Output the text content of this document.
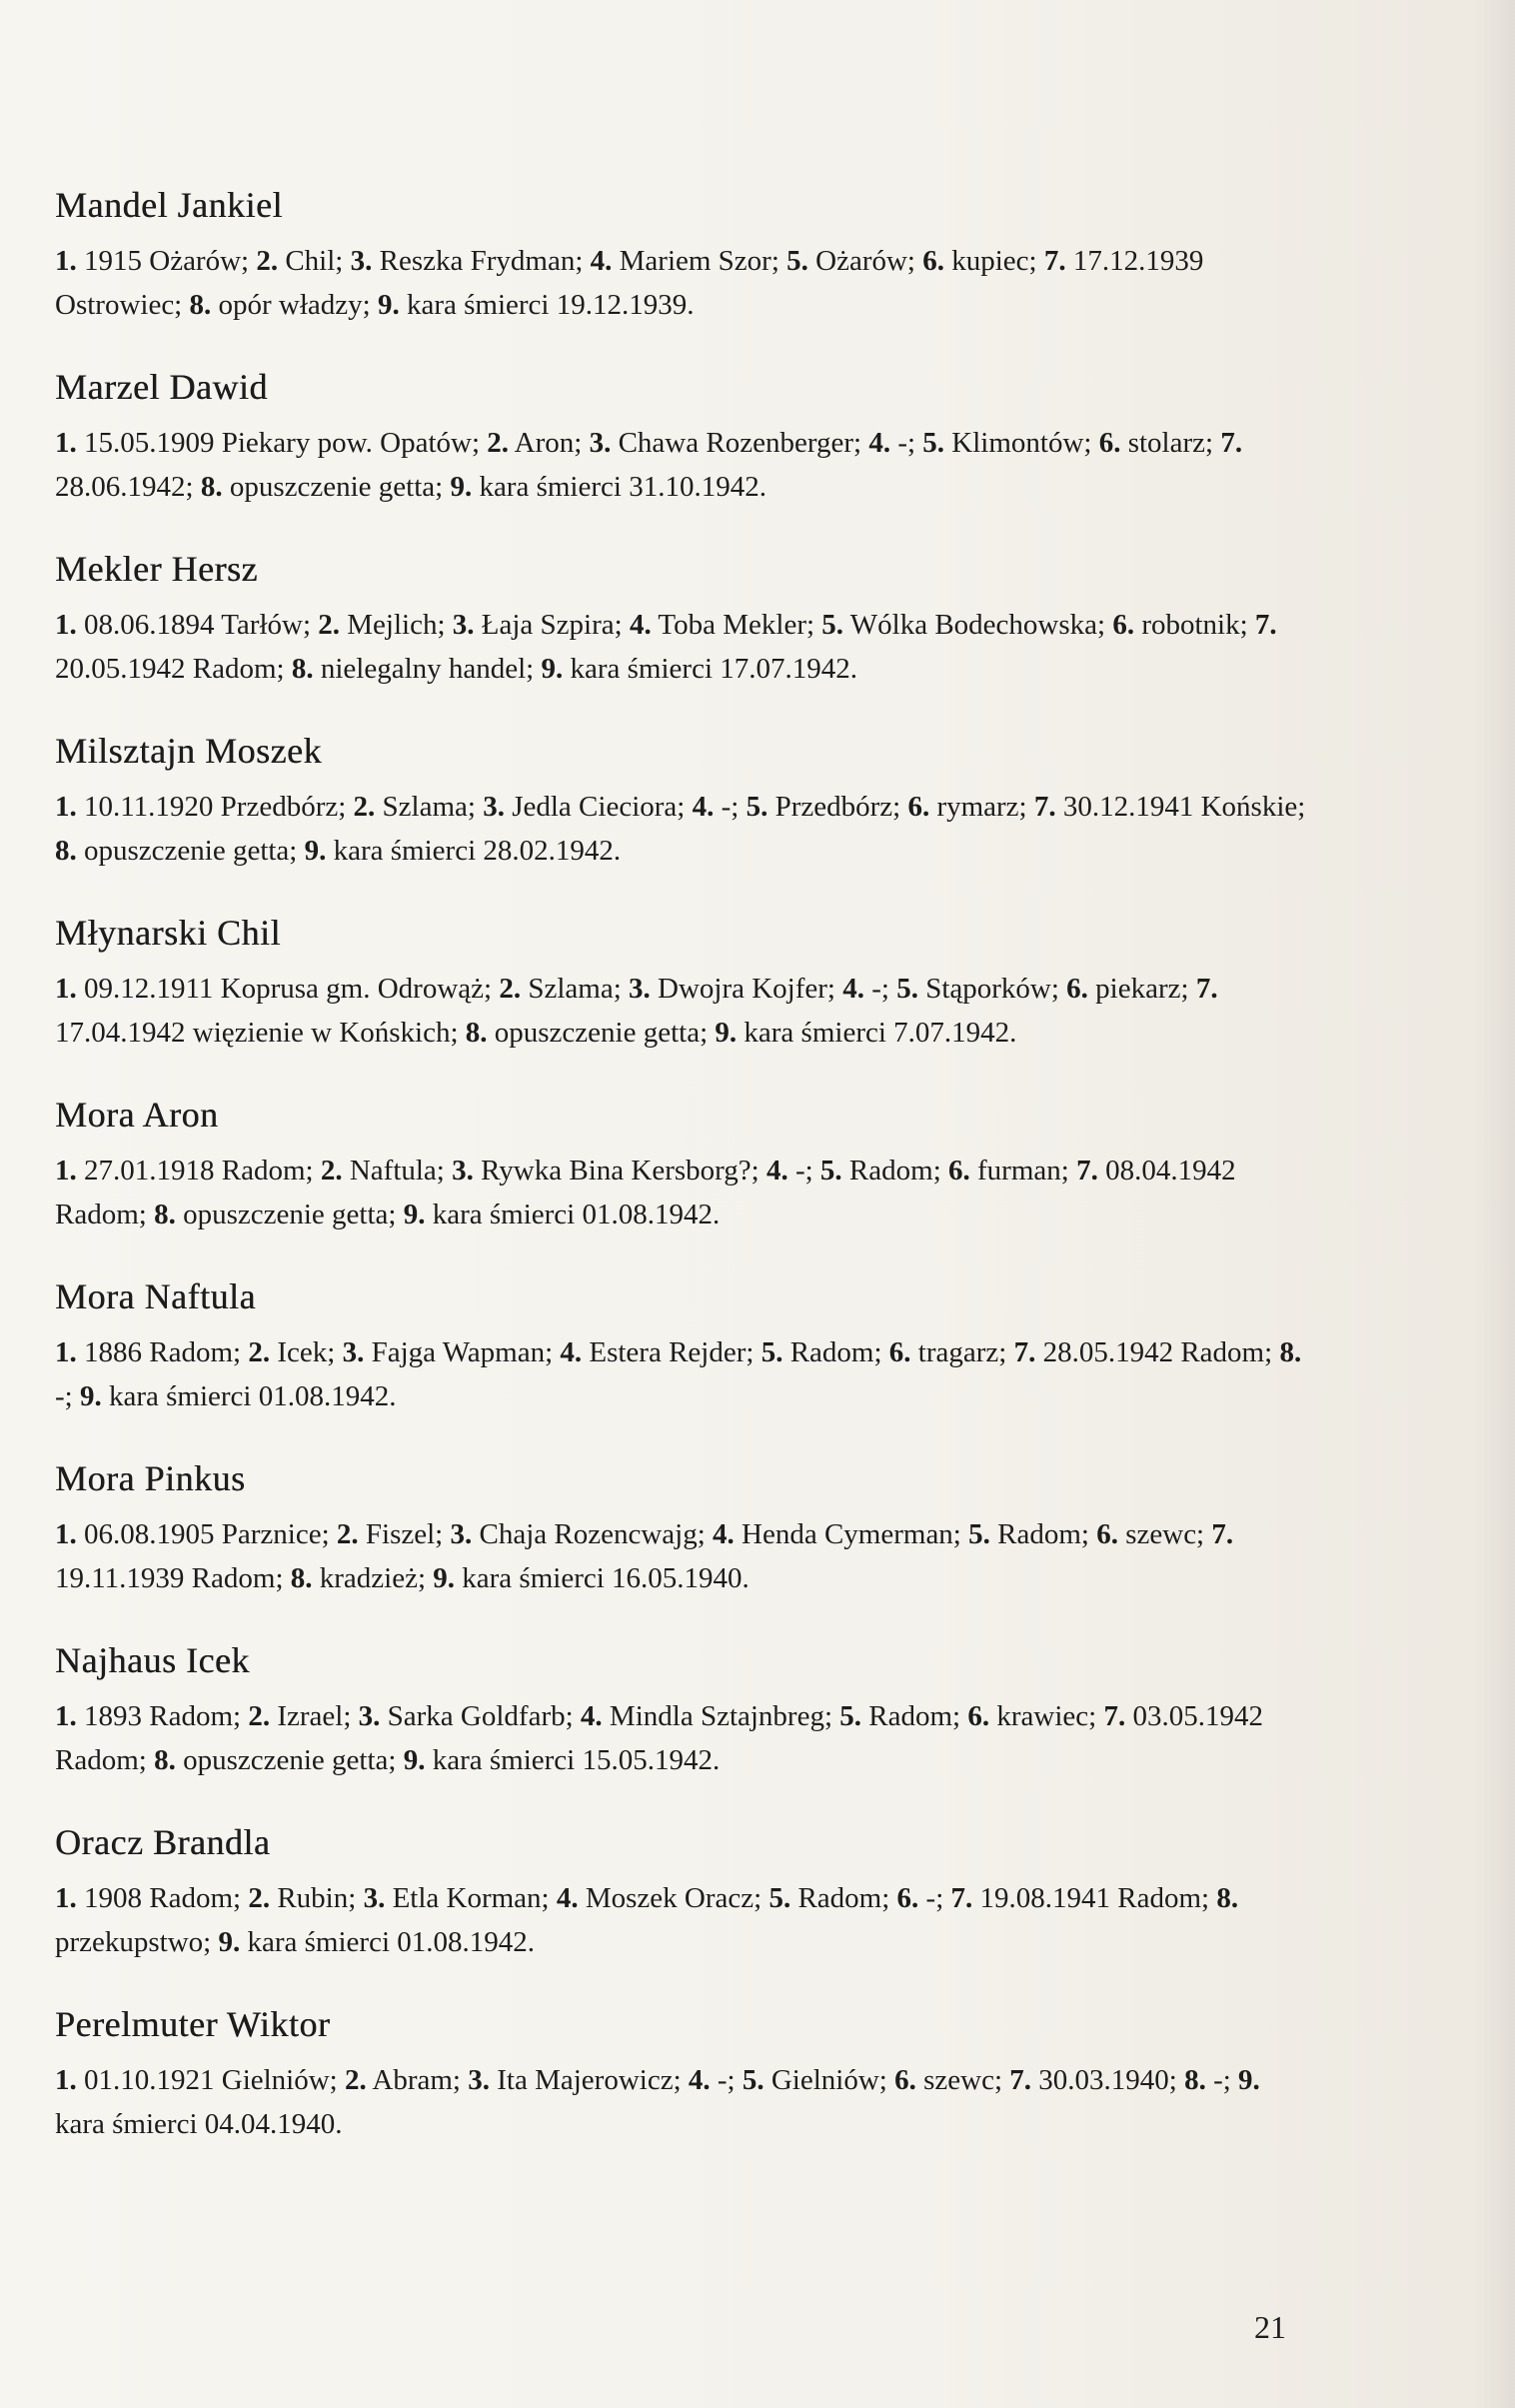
Mandel Jankiel

1. 1915 Ożarów; 2. Chil; 3. Reszka Frydman; 4. Mariem Szor; 5. Ożarów; 6. kupiec; 7. 17.12.1939 Ostrowiec; 8. opór władzy; 9. kara śmierci 19.12.1939.

Marzel Dawid

1. 15.05.1909 Piekary pow. Opatów; 2. Aron; 3. Chawa Rozenberger; 4. -; 5. Klimontów; 6. stolarz; 7. 28.06.1942; 8. opuszczenie getta; 9. kara śmierci 31.10.1942.

Mekler Hersz

1. 08.06.1894 Tarłów; 2. Mejlich; 3. Łaja Szpira; 4. Toba Mekler; 5. Wólka Bodechowska; 6. robotnik; 7. 20.05.1942 Radom; 8. nielegalny handel; 9. kara śmierci 17.07.1942.

Milsztajn Moszek

1. 10.11.1920 Przedbórz; 2. Szlama; 3. Jedla Cieciora; 4. -; 5. Przedbórz; 6. rymarz; 7. 30.12.1941 Końskie; 8. opuszczenie getta; 9. kara śmierci 28.02.1942.

Młynarski Chil

1. 09.12.1911 Koprusa gm. Odrowąż; 2. Szlama; 3. Dwojra Kojfer; 4. -; 5. Stąporków; 6. piekarz; 7. 17.04.1942 więzienie w Końskich; 8. opuszczenie getta; 9. kara śmierci 7.07.1942.

Mora Aron

1. 27.01.1918 Radom; 2. Naftula; 3. Rywka Bina Kersborg?; 4. -; 5. Radom; 6. furman; 7. 08.04.1942 Radom; 8. opuszczenie getta; 9. kara śmierci 01.08.1942.

Mora Naftula

1. 1886 Radom; 2. Icek; 3. Fajga Wapman; 4. Estera Rejder; 5. Radom; 6. tragarz; 7. 28.05.1942 Radom; 8. -; 9. kara śmierci 01.08.1942.

Mora Pinkus

1. 06.08.1905 Parznice; 2. Fiszel; 3. Chaja Rozencwajg; 4. Henda Cymerman; 5. Radom; 6. szewc; 7. 19.11.1939 Radom; 8. kradzież; 9. kara śmierci 16.05.1940.

Najhaus Icek

1. 1893 Radom; 2. Izrael; 3. Sarka Goldfarb; 4. Mindla Sztajnbreg; 5. Radom; 6. krawiec; 7. 03.05.1942 Radom; 8. opuszczenie getta; 9. kara śmierci 15.05.1942.

Oracz Brandla

1. 1908 Radom; 2. Rubin; 3. Etla Korman; 4. Moszek Oracz; 5. Radom; 6. -; 7. 19.08.1941 Radom; 8. przekupstwo; 9. kara śmierci 01.08.1942.

Perelmuter Wiktor

1. 01.10.1921 Gielniów; 2. Abram; 3. Ita Majerowicz; 4. -; 5. Gielniów; 6. szewc; 7. 30.03.1940; 8. -; 9. kara śmierci 04.04.1940.

21
